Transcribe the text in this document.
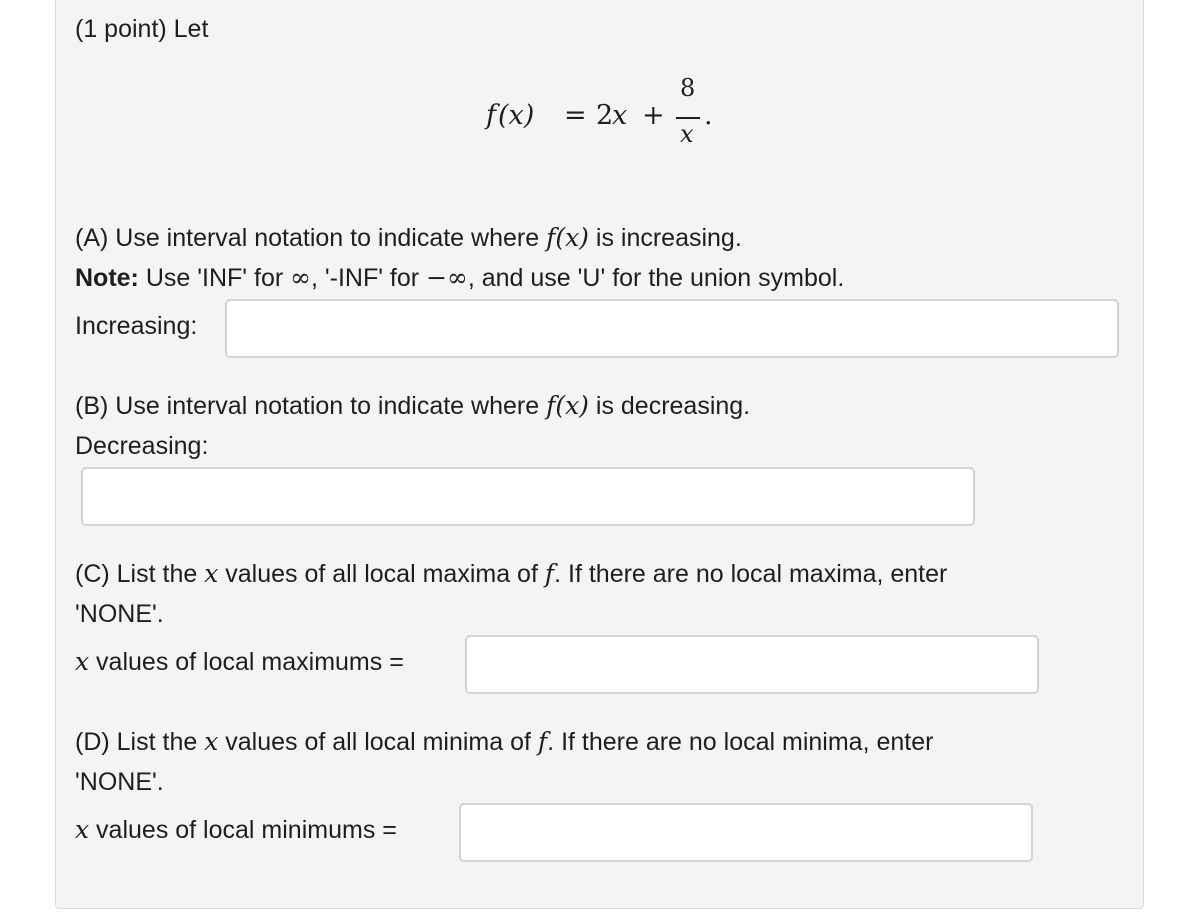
(1 point) Let
f (x) = 2
x +
8
x
.
(A) Use interval notation to indicate where f(x) is increasing.
Note: Use 'INF' for ∞, '-INF' for −∞, and use 'U' for the union symbol.
Increasing:
(B) Use interval notation to indicate where f(x) is decreasing.
Decreasing:
(C) List the x values of all local maxima of f. If there are no local maxima, enter
'NONE'.
x values of local maximums =
(D) List the x values of all local minima of f. If there are no local minima, enter
'NONE'.
x values of local minimums =
